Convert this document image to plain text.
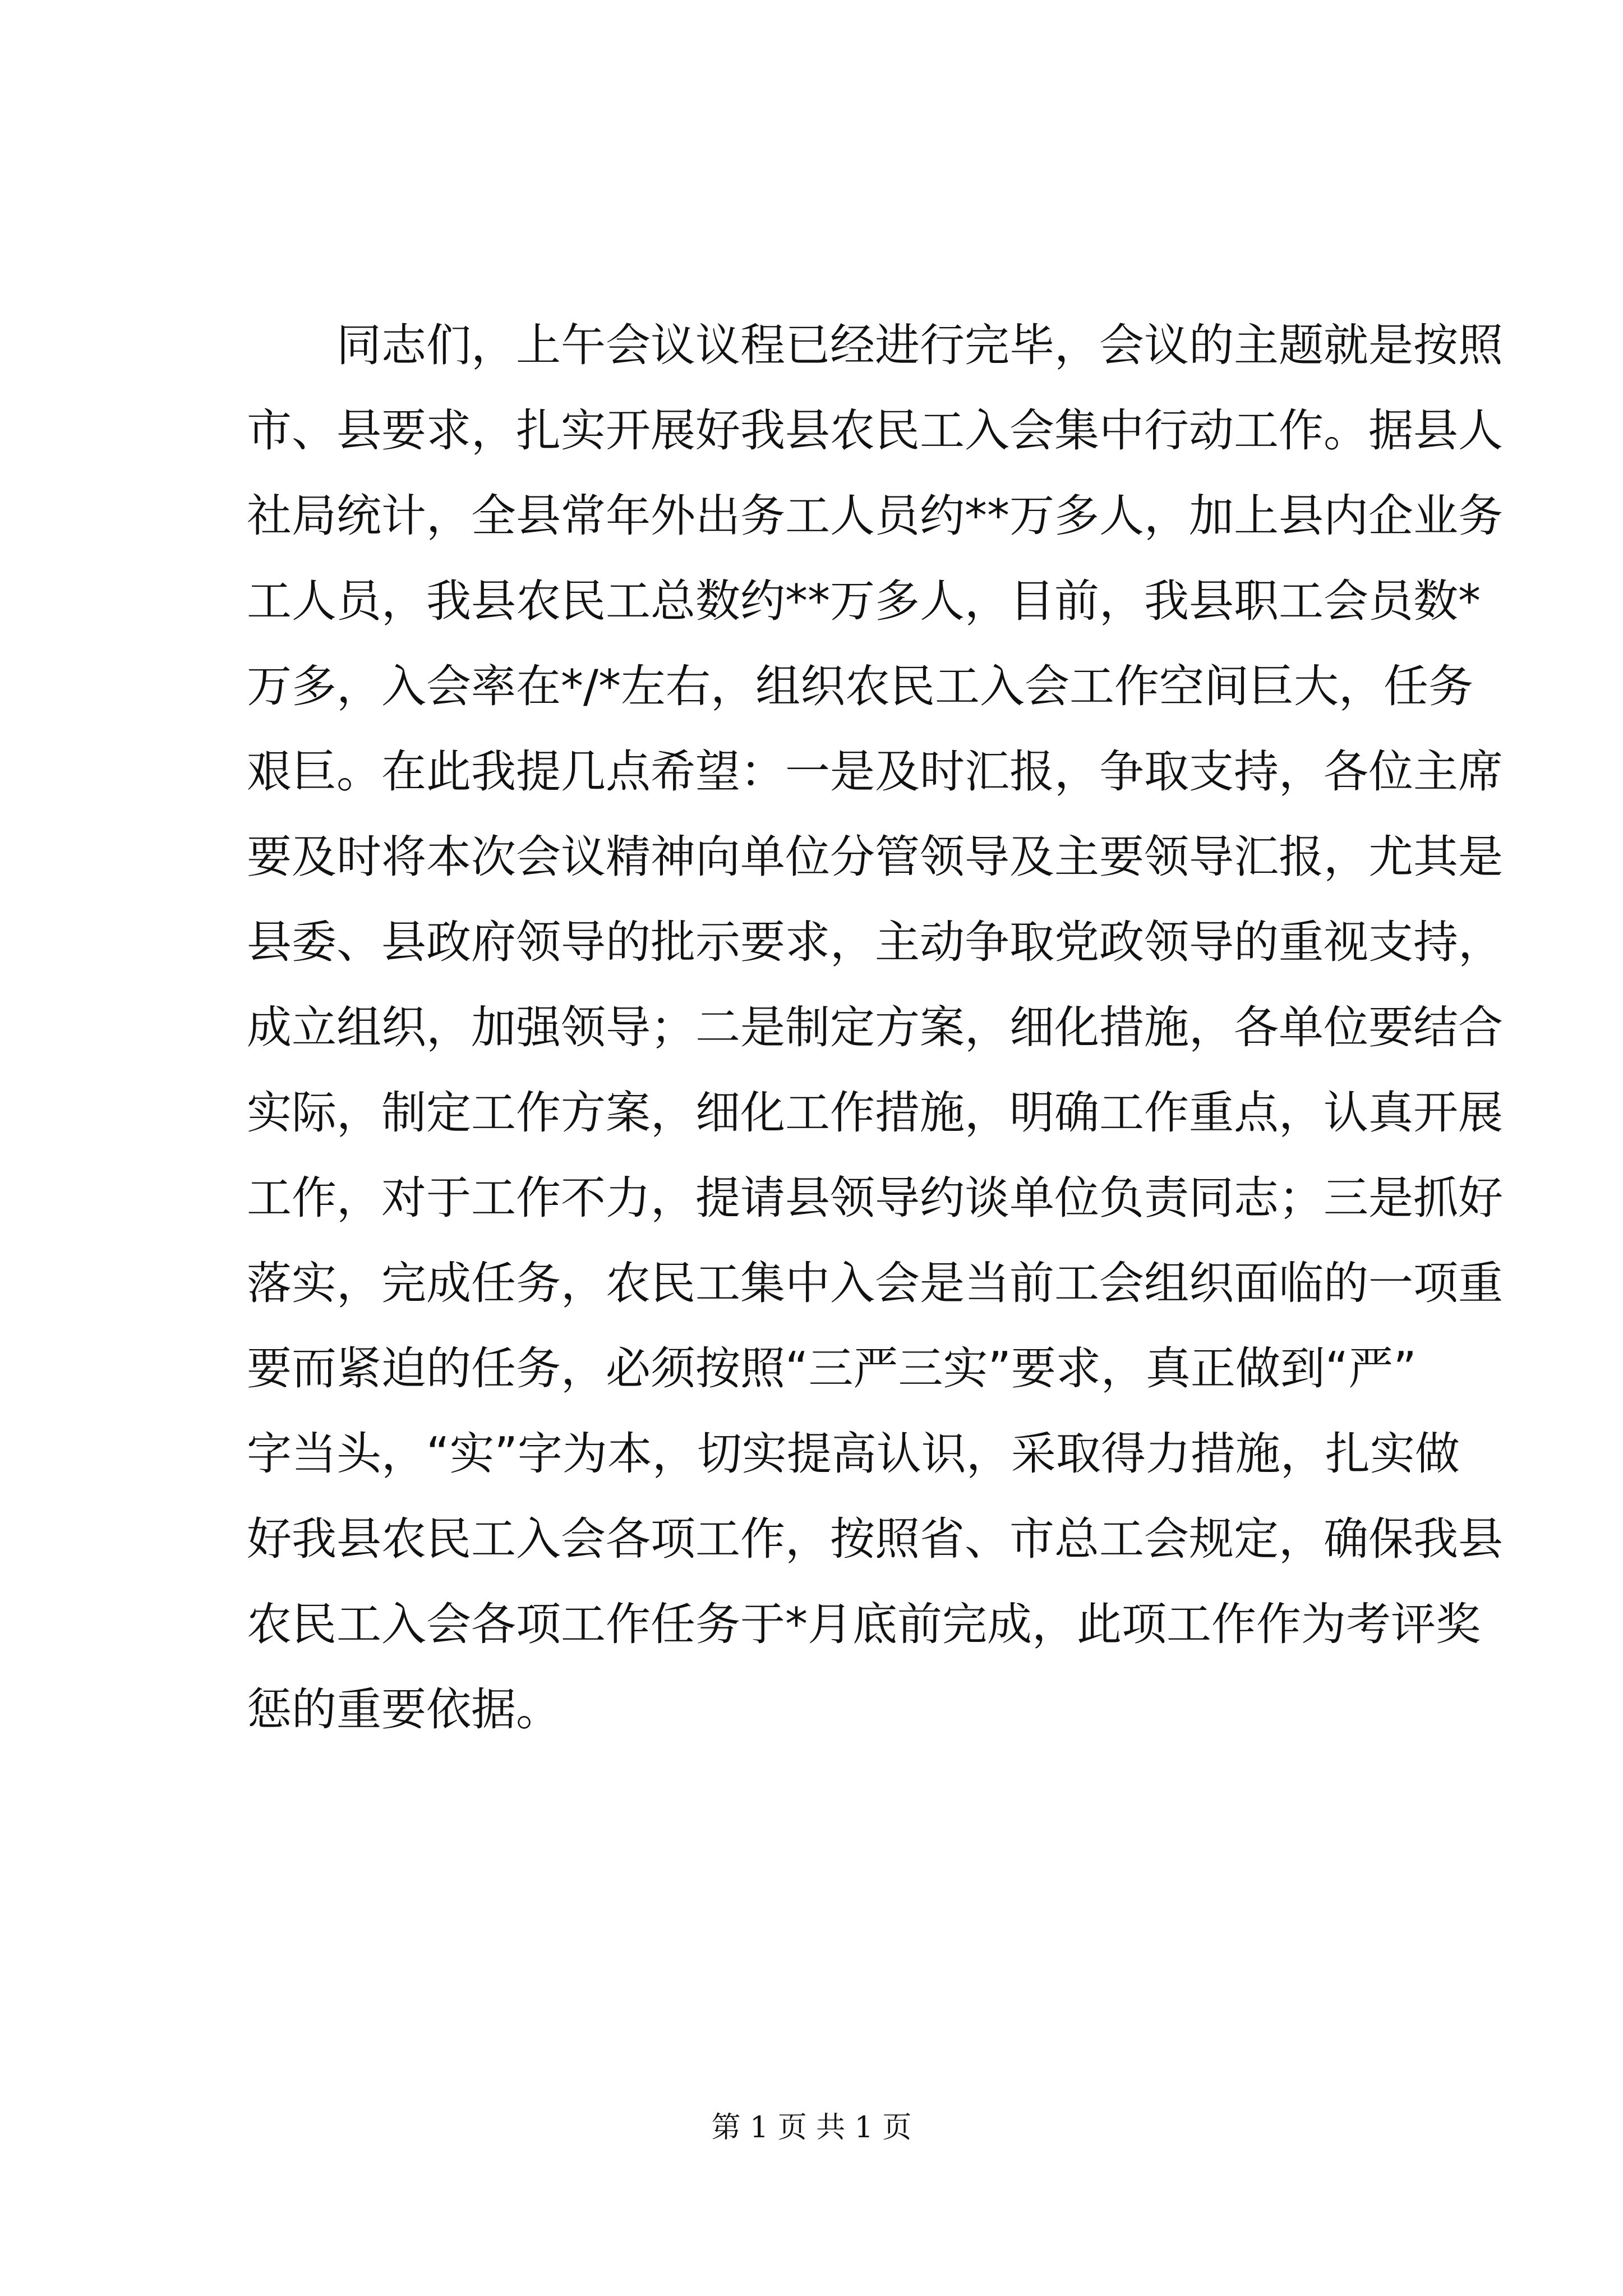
同志们，上午会议议程已经进行完毕，会议的主题就是按照
市、县要求，扎实开展好我县农民工入会集中行动工作。据县人
社局统计，全县常年外出务工人员约**万多人，加上县内企业务
工人员，我县农民工总数约**万多人，目前，我县职工会员数*
万多，入会率在*/*左右，组织农民工入会工作空间巨大，任务
艰巨。在此我提几点希望：一是及时汇报，争取支持，各位主席
要及时将本次会议精神向单位分管领导及主要领导汇报，尤其是
县委、县政府领导的批示要求，主动争取党政领导的重视支持，
成立组织，加强领导；二是制定方案，细化措施，各单位要结合
实际，制定工作方案，细化工作措施，明确工作重点，认真开展
工作，对于工作不力，提请县领导约谈单位负责同志；三是抓好
落实，完成任务，农民工集中入会是当前工会组织面临的一项重
要而紧迫的任务，必须按照“三严三实”要求，真正做到“严”
字当头，“实”字为本，切实提高认识，采取得力措施，扎实做
好我县农民工入会各项工作，按照省、市总工会规定，确保我县
农民工入会各项工作任务于*月底前完成，此项工作作为考评奖
惩的重要依据。
第 1 页 共 1 页
